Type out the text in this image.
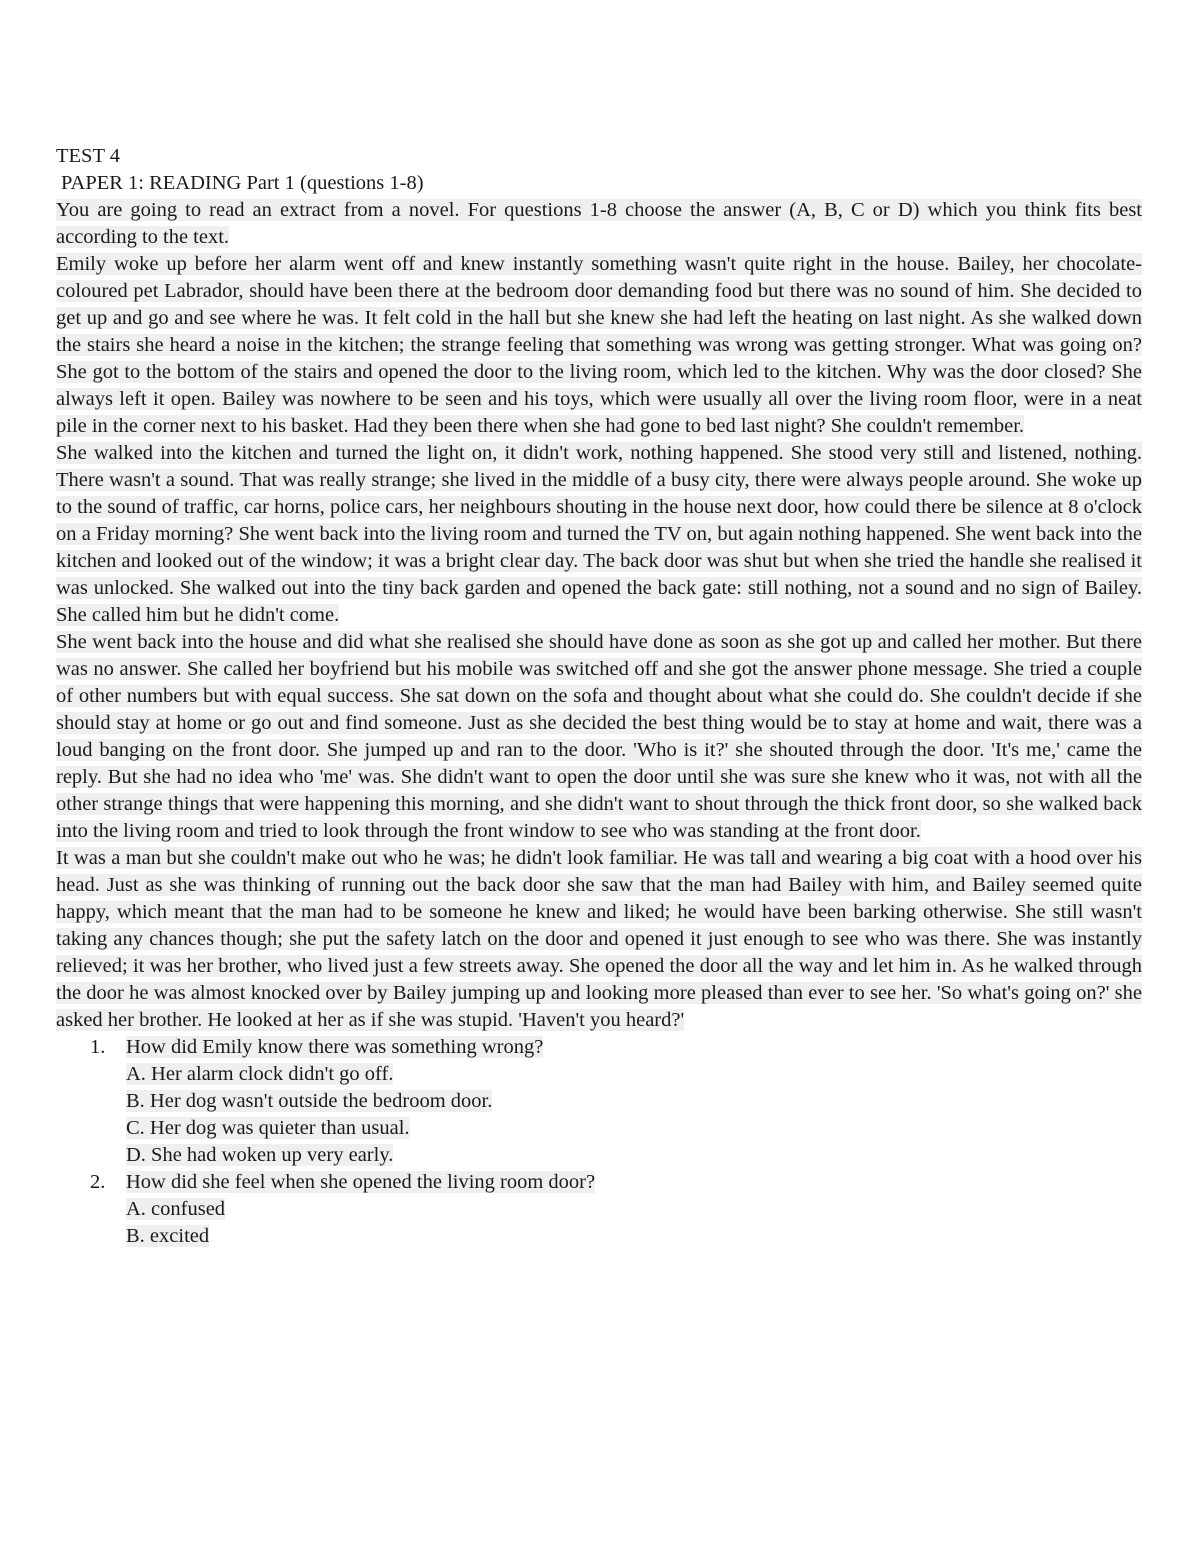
TEST 4
PAPER 1: READING Part 1 (questions 1-8)

You are going to read an extract from a novel. For questions 1-8 choose the answer (A, B, C or D) which you think fits best according to the text.

Emily woke up before her alarm went off and knew instantly something wasn't quite right in the house. Bailey, her chocolate-coloured pet Labrador, should have been there at the bedroom door demanding food but there was no sound of him. She decided to get up and go and see where he was. It felt cold in the hall but she knew she had left the heating on last night. As she walked down the stairs she heard a noise in the kitchen; the strange feeling that something was wrong was getting stronger. What was going on? She got to the bottom of the stairs and opened the door to the living room, which led to the kitchen. Why was the door closed? She always left it open. Bailey was nowhere to be seen and his toys, which were usually all over the living room floor, were in a neat pile in the corner next to his basket. Had they been there when she had gone to bed last night? She couldn't remember.

She walked into the kitchen and turned the light on, it didn't work, nothing happened. She stood very still and listened, nothing. There wasn't a sound. That was really strange; she lived in the middle of a busy city, there were always people around. She woke up to the sound of traffic, car horns, police cars, her neighbours shouting in the house next door, how could there be silence at 8 o'clock on a Friday morning? She went back into the living room and turned the TV on, but again nothing happened. She went back into the kitchen and looked out of the window; it was a bright clear day. The back door was shut but when she tried the handle she realised it was unlocked. She walked out into the tiny back garden and opened the back gate: still nothing, not a sound and no sign of Bailey. She called him but he didn't come.

She went back into the house and did what she realised she should have done as soon as she got up and called her mother. But there was no answer. She called her boyfriend but his mobile was switched off and she got the answer phone message. She tried a couple of other numbers but with equal success. She sat down on the sofa and thought about what she could do. She couldn't decide if she should stay at home or go out and find someone. Just as she decided the best thing would be to stay at home and wait, there was a loud banging on the front door. She jumped up and ran to the door. 'Who is it?' she shouted through the door. 'It's me,' came the reply. But she had no idea who 'me' was. She didn't want to open the door until she was sure she knew who it was, not with all the other strange things that were happening this morning, and she didn't want to shout through the thick front door, so she walked back into the living room and tried to look through the front window to see who was standing at the front door.

It was a man but she couldn't make out who he was; he didn't look familiar. He was tall and wearing a big coat with a hood over his head. Just as she was thinking of running out the back door she saw that the man had Bailey with him, and Bailey seemed quite happy, which meant that the man had to be someone he knew and liked; he would have been barking otherwise. She still wasn't taking any chances though; she put the safety latch on the door and opened it just enough to see who was there. She was instantly relieved; it was her brother, who lived just a few streets away. She opened the door all the way and let him in. As he walked through the door he was almost knocked over by Bailey jumping up and looking more pleased than ever to see her. 'So what's going on?' she asked her brother. He looked at her as if she was stupid. 'Haven't you heard?'

1. How did Emily know there was something wrong?
A. Her alarm clock didn't go off.
B. Her dog wasn't outside the bedroom door.
C. Her dog was quieter than usual.
D. She had woken up very early.
2. How did she feel when she opened the living room door?
A. confused
B. excited
